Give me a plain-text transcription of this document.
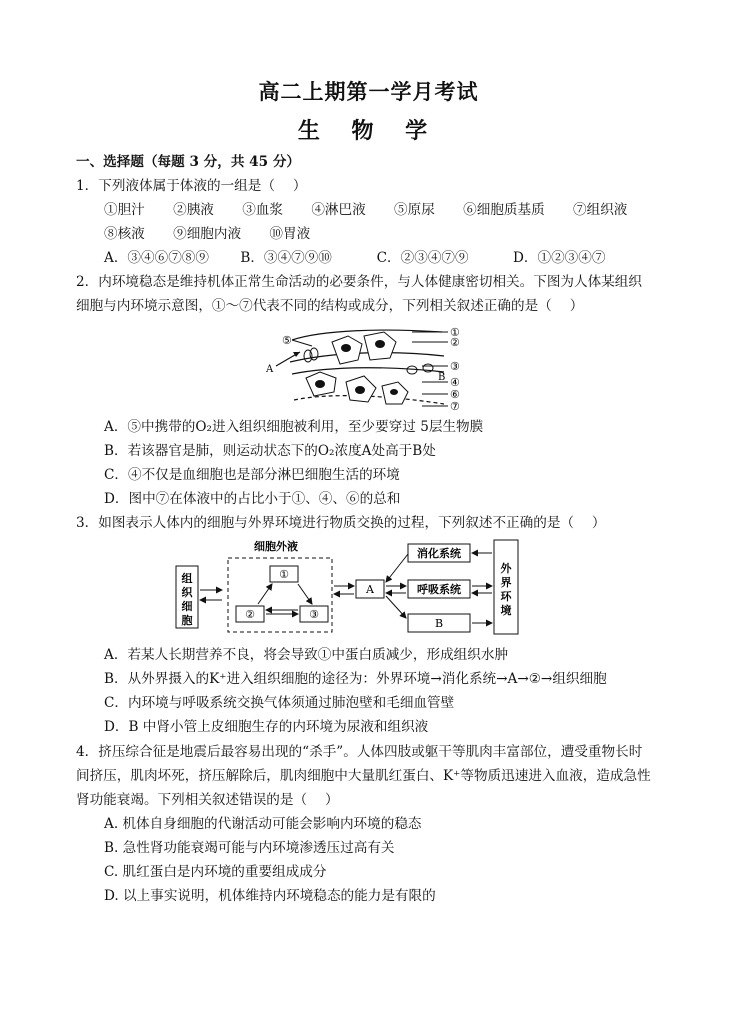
高二上期第一学月考试
生 物 学
一、选择题（每题 3 分，共 45 分）
1．下列液体属于体液的一组是（　 ）
①胆汁 ②胰液 ③血浆 ④淋巴液 ⑤原尿 ⑥细胞质基质 ⑦组织液
⑧核液 ⑨细胞内液 ⑩胃液
A．③④⑥⑦⑧⑨ B．③④⑦⑨⑩	C．②③④⑦⑨	D．①②③④⑦
2．内环境稳态是维持机体正常生命活动的必要条件，与人体健康密切相关。下图为人体某组织
细胞与内环境示意图，①～⑦代表不同的结构或成分，下列相关叙述正确的是（　 ）
①
②
③
B ④
⑤
⑥
⑦
A
A．⑤中携带的O₂进入组织细胞被利用，至少要穿过 5层生物膜
B．若该器官是肺，则运动状态下的O₂浓度A处高于B处
C．④不仅是血细胞也是部分淋巴细胞生活的环境
D．图中⑦在体液中的占比小于①、④、⑥的总和
3．如图表示人体内的细胞与外界环境进行物质交换的过程，下列叙述不正确的是（　 ）
组
织
细
胞
细胞外液
①
②	③
A
消化系统
呼吸系统
B
外
界
环
境
A．若某人长期营养不良，将会导致①中蛋白质减少，形成组织水肿
B．从外界摄入的K⁺进入组织细胞的途径为：外界环境→消化系统→A→②→组织细胞
C．内环境与呼吸系统交换气体须通过肺泡壁和毛细血管壁
D．B 中肾小管上皮细胞生存的内环境为尿液和组织液
4．挤压综合征是地震后最容易出现的“杀手”。人体四肢或躯干等肌肉丰富部位，遭受重物长时
间挤压，肌肉坏死，挤压解除后，肌肉细胞中大量肌红蛋白、K⁺等物质迅速进入血液，造成急性
肾功能衰竭。下列相关叙述错误的是（　 ）
A. 机体自身细胞的代谢活动可能会影响内环境的稳态
B. 急性肾功能衰竭可能与内环境渗透压过高有关
C. 肌红蛋白是内环境的重要组成成分
D. 以上事实说明，机体维持内环境稳态的能力是有限的
